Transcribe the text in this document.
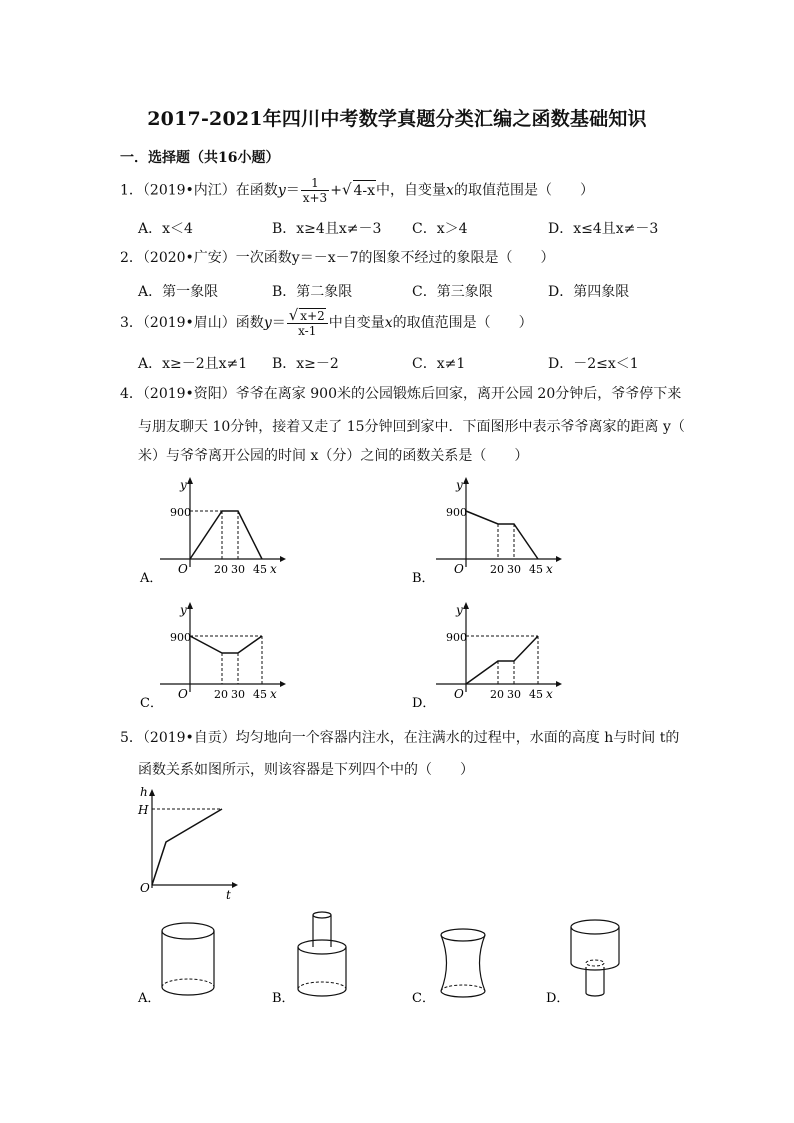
2017-2021年四川中考数学真题分类汇编之函数基础知识
一．选择题（共16小题）
1．（2019•内江）在函数$y= \frac{1}{x+3}$ +√ 4-x中，自变量x的取值范围是（　　）
A．x＜4	B．x≥4且x≠－3 C．x＞4	D．x≤4且x≠－3
2．（2020•广安）一次函数y＝－x－7的图象不经过的象限是（　　）
A．第一象限	B．第二象限	C．第三象限	D．第四象限
3．（2019•眉山）函数$y= \frac{√ x+2}{x-1}$ 中自变量x的取值范围是（　　）
A．x≥－2且x≠1 B．x≥－2	C．x≠1	D．－2≤x＜1
4．（2019•资阳）爷爷在离家 900米的公园锻炼后回家，离开公园 20分钟后，爷爷停下来
与朋友聊天 10分钟，接着又走了 15分钟回到家中．下面图形中表示爷爷离家的距离 y（
米）与爷爷离开公园的时间 x（分）之间的函数关系是（　　）
y
900
O 20 30 45 x
A．
y
900
O 20 30 45 x
B．
y
900
O 20 30 45 x
C．
y
900
O 20 30 45 x
D．
5．（2019•自贡）均匀地向一个容器内注水，在注满水的过程中，水面的高度 h与时间 t的
函数关系如图所示，则该容器是下列四个中的（　　）
h
H
O	t
A．	B．	C．	D．
